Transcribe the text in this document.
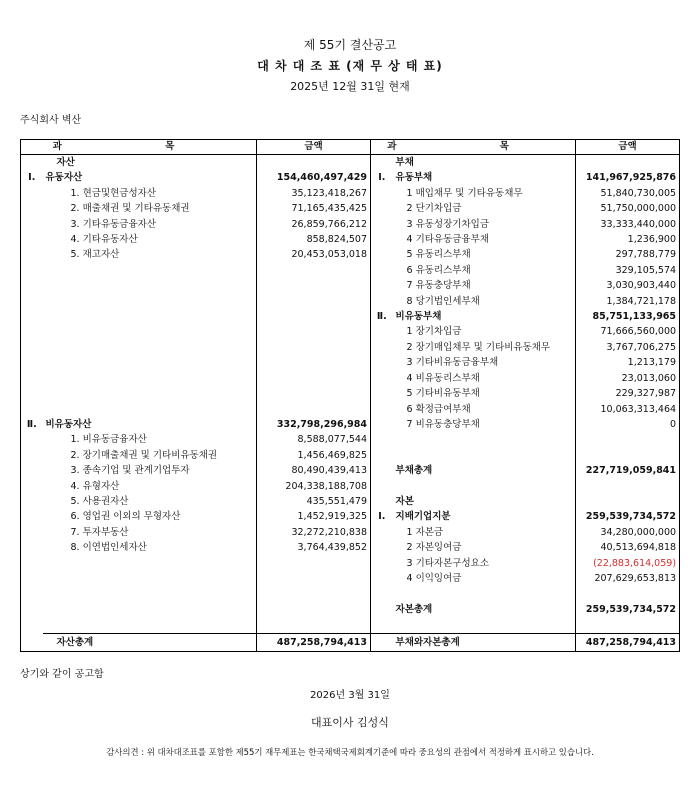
제 55기 결산공고
대 차 대 조 표 (재 무 상 태 표)
2025년 12월 31일 현재
주식회사 벽산
과 목		금액	과 목		금액
	자산			부채	
Ⅰ.	유동자산	154,460,497,429	Ⅰ.	유동부채	141,967,925,876
	1. 현금및현금성자산	35,123,418,267		1 매입채무 및 기타유동채무	51,840,730,005
	2. 매출채권 및 기타유동채권	71,165,435,425		2 단기차입금	51,750,000,000
	3. 기타유동금융자산	26,859,766,212		3 유동성장기차입금	33,333,440,000
	4. 기타유동자산	858,824,507		4 기타유동금융부채	1,236,900
	5. 재고자산	20,453,053,018		5 유동리스부채	297,788,779
				6 유동리스부채	329,105,574
				7 유동충당부채	3,030,903,440
				8 당기법인세부채	1,384,721,178
			Ⅱ.	비유동부채	85,751,133,965
				1 장기차입금	71,666,560,000
				2 장기매입채무 및 기타비유동채무	3,767,706,275
				3 기타비유동금융부채	1,213,179
				4 비유동리스부채	23,013,060
				5 기타비유동부채	229,327,987
				6 확정급여부채	10,063,313,464
Ⅱ.	비유동자산	332,798,296,984		7 비유동충당부채	0
	1. 비유동금융자산	8,588,077,544			
	2. 장기매출채권 및 기타비유동채권	1,456,469,825			
	3. 종속기업 및 관계기업투자	80,490,439,413		부채총계	227,719,059,841
	4. 유형자산	204,338,188,708			
	5. 사용권자산	435,551,479		자본	
	6. 영업권 이외의 무형자산	1,452,919,325	Ⅰ.	지배기업지분	259,539,734,572
	7. 투자부동산	32,272,210,838		1 자본금	34,280,000,000
	8. 이연법인세자산	3,764,439,852		2 자본잉여금	40,513,694,818
				3 기타자본구성요소	(22,883,614,059)
				4 이익잉여금	207,629,653,813

				자본총계	259,539,734,572

	자산총계	487,258,794,413		부채와자본총계	487,258,794,413
상기와 같이 공고함
2026년 3월 31일
대표이사 김성식
감사의견 : 위 대차대조표를 포함한 제55기 재무제표는 한국채택국제회계기준에 따라 중요성의 관점에서 적정하게 표시하고 있습니다.
